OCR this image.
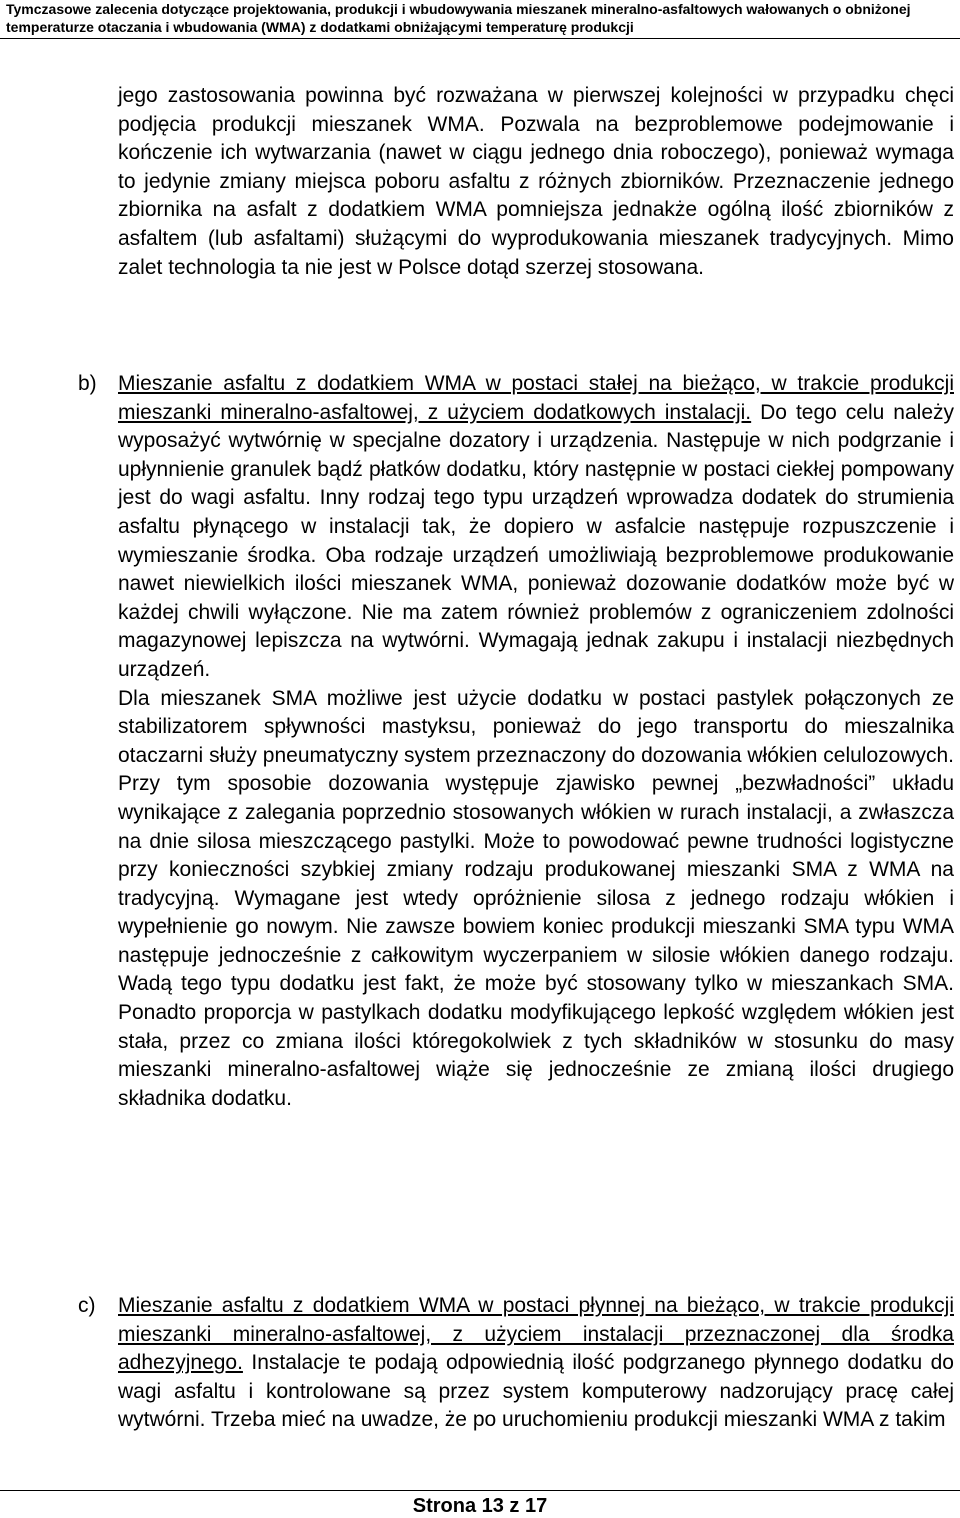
Tymczasowe zalecenia dotyczące projektowania, produkcji i wbudowywania mieszanek mineralno-asfaltowych wałowanych o obniżonej
temperaturze otaczania i wbudowania (WMA) z dodatkami obniżającymi temperaturę produkcji

jego zastosowania powinna być rozważana w pierwszej kolejności w przypadku chęci podjęcia produkcji mieszanek WMA. Pozwala na bezproblemowe podejmowanie i kończenie ich wytwarzania (nawet w ciągu jednego dnia roboczego), ponieważ wymaga to jedynie zmiany miejsca poboru asfaltu z różnych zbiorników. Przeznaczenie jednego zbiornika na asfalt z dodatkiem WMA pomniejsza jednakże ogólną ilość zbiorników z asfaltem (lub asfaltami) służącymi do wyprodukowania mieszanek tradycyjnych. Mimo zalet technologia ta nie jest w Polsce dotąd szerzej stosowana.

b) Mieszanie asfaltu z dodatkiem WMA w postaci stałej na bieżąco, w trakcie produkcji mieszanki mineralno-asfaltowej, z użyciem dodatkowych instalacji. Do tego celu należy wyposażyć wytwórnię w specjalne dozatory i urządzenia. Następuje w nich podgrzanie i upłynnienie granulek bądź płatków dodatku, który następnie w postaci ciekłej pompowany jest do wagi asfaltu. Inny rodzaj tego typu urządzeń wprowadza dodatek do strumienia asfaltu płynącego w instalacji tak, że dopiero w asfalcie następuje rozpuszczenie i wymieszanie środka. Oba rodzaje urządzeń umożliwiają bezproblemowe produkowanie nawet niewielkich ilości mieszanek WMA, ponieważ dozowanie dodatków może być w każdej chwili wyłączone. Nie ma zatem również problemów z ograniczeniem zdolności magazynowej lepiszcza na wytwórni. Wymagają jednak zakupu i instalacji niezbędnych urządzeń.

Dla mieszanek SMA możliwe jest użycie dodatku w postaci pastylek połączonych ze stabilizatorem spływności mastyksu, ponieważ do jego transportu do mieszalnika otaczarni służy pneumatyczny system przeznaczony do dozowania włókien celulozowych. Przy tym sposobie dozowania występuje zjawisko pewnej „bezwładności” układu wynikające z zalegania poprzednio stosowanych włókien w rurach instalacji, a zwłaszcza na dnie silosa mieszczącego pastylki. Może to powodować pewne trudności logistyczne przy konieczności szybkiej zmiany rodzaju produkowanej mieszanki SMA z WMA na tradycyjną. Wymagane jest wtedy opróżnienie silosa z jednego rodzaju włókien i wypełnienie go nowym. Nie zawsze bowiem koniec produkcji mieszanki SMA typu WMA następuje jednocześnie z całkowitym wyczerpaniem w silosie włókien danego rodzaju. Wadą tego typu dodatku jest fakt, że może być stosowany tylko w mieszankach SMA. Ponadto proporcja w pastylkach dodatku modyfikującego lepkość względem włókien jest stała, przez co zmiana ilości któregokolwiek z tych składników w stosunku do masy mieszanki mineralno-asfaltowej wiąże się jednocześnie ze zmianą ilości drugiego składnika dodatku.

c) Mieszanie asfaltu z dodatkiem WMA w postaci płynnej na bieżąco, w trakcie produkcji mieszanki mineralno-asfaltowej, z użyciem instalacji przeznaczonej dla środka adhezyjnego. Instalacje te podają odpowiednią ilość podgrzanego płynnego dodatku do wagi asfaltu i kontrolowane są przez system komputerowy nadzorujący pracę całej wytwórni. Trzeba mieć na uwadze, że po uruchomieniu produkcji mieszanki WMA z takim

Strona 13 z 17
